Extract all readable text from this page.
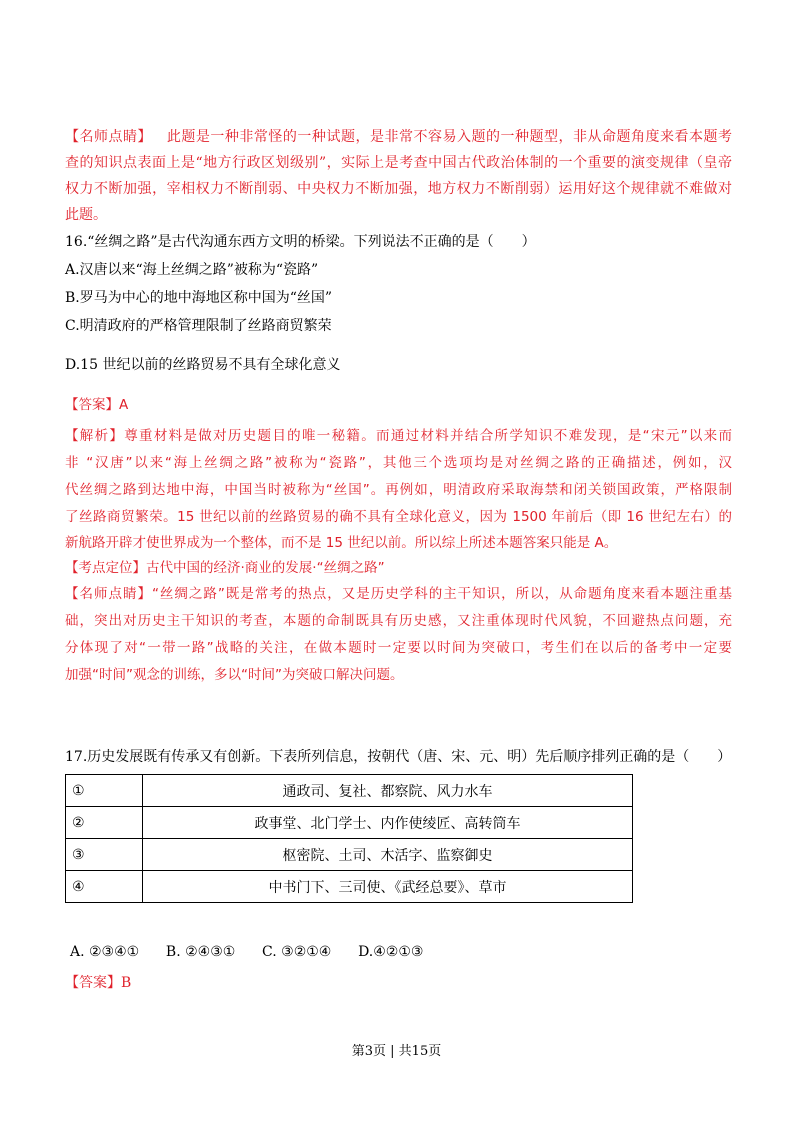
【名师点睛】 此题是一种非常怪的一种试题，是非常不容易入题的一种题型，非从命题角度来看本题考
查的知识点表面上是“地方行政区划级别”，实际上是考查中国古代政治体制的一个重要的演变规律（皇帝
权力不断加强，宰相权力不断削弱、中央权力不断加强，地方权力不断削弱）运用好这个规律就不难做对
此题。
16.“丝绸之路”是古代沟通东西方文明的桥梁。下列说法不正确的是（　　）
A.汉唐以来“海上丝绸之路”被称为“瓷路”
B.罗马为中心的地中海地区称中国为“丝国”
C.明清政府的严格管理限制了丝路商贸繁荣
D.15 世纪以前的丝路贸易不具有全球化意义
【答案】A
【解析】尊重材料是做对历史题目的唯一秘籍。而通过材料并结合所学知识不难发现，是“宋元”以来而
非 “汉唐”以来“海上丝绸之路”被称为“瓷路”，其他三个选项均是对丝绸之路的正确描述，例如，汉
代丝绸之路到达地中海，中国当时被称为“丝国”。再例如，明清政府采取海禁和闭关锁国政策，严格限制
了丝路商贸繁荣。15 世纪以前的丝路贸易的确不具有全球化意义，因为 1500 年前后（即 16 世纪左右）的
新航路开辟才使世界成为一个整体，而不是 15 世纪以前。所以综上所述本题答案只能是 A。
【考点定位】古代中国的经济·商业的发展·“丝绸之路”
【名师点睛】“丝绸之路”既是常考的热点，又是历史学科的主干知识，所以，从命题角度来看本题注重基
础，突出对历史主干知识的考查，本题的命制既具有历史感，又注重体现时代风貌，不回避热点问题，充
分体现了对“一带一路”战略的关注，在做本题时一定要以时间为突破口，考生们在以后的备考中一定要
加强“时间”观念的训练，多以“时间”为突破口解决问题。
17.历史发展既有传承又有创新。下表所列信息，按朝代（唐、宋、元、明）先后顺序排列正确的是（　　）
①	通政司、复社、都察院、风力水车
②	政事堂、北门学士、内作使绫匠、高转筒车
③	枢密院、土司、木活字、监察御史
④	中书门下、三司使、《武经总要》、草市
A. ②③④① B. ②④③① C. ③②①④ D.④②①③
【答案】B
第3页 | 共15页
